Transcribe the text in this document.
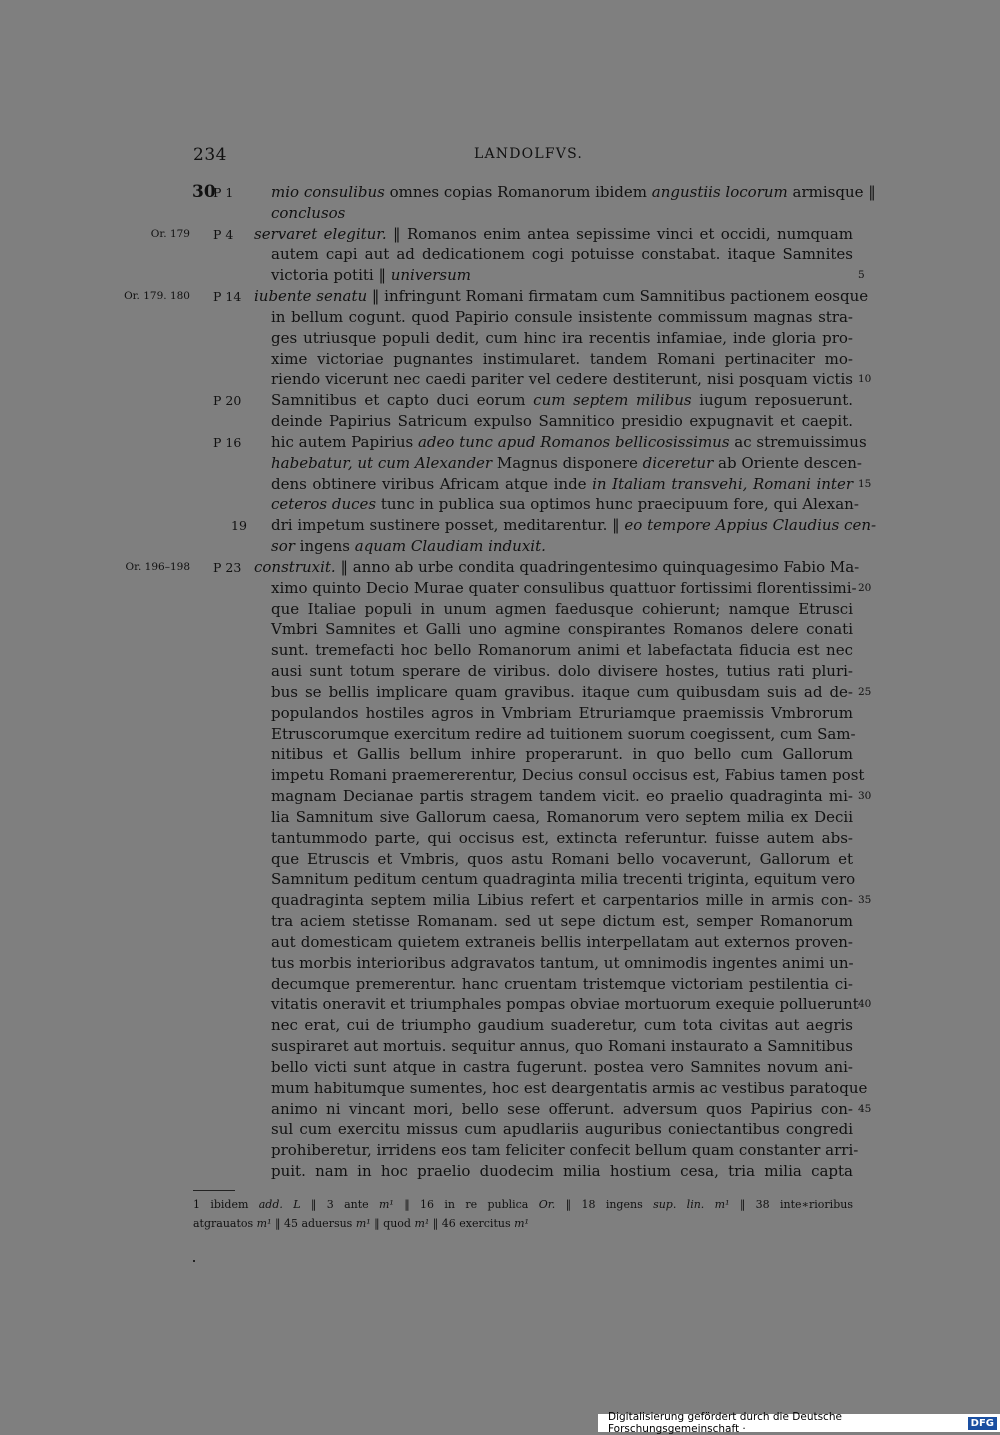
234	LANDOLFVS.
30	mio consulibus omnes copias Romanorum ibidem angustiis locorum armisque ‖
P 1
conclusos
servaret elegitur. ‖ Romanos enim antea sepissime vinci et occidi, numquam
P 4
Or. 179
autem capi aut ad dedicationem cogi potuisse constabat. itaque Samnites
victoria potiti ‖ universum	5
iubente senatu ‖ infringunt Romani firmatam cum Samnitibus pactionem eosque
P 14
Or. 179. 180
in bellum cogunt. quod Papirio consule insistente commissum magnas stra-
ges utriusque populi dedit, cum hinc ira recentis infamiae, inde gloria pro-
xime victoriae pugnantes instimularet. tandem Romani pertinaciter mo-
riendo vicerunt nec caedi pariter vel cedere destiterunt, nisi posquam victis 10
Samnitibus et capto duci eorum cum septem milibus iugum reposuerunt.
P 20
deinde Papirius Satricum expulso Samnitico presidio expugnavit et caepit.
hic autem Papirius adeo tunc apud Romanos bellicosissimus ac stremuissimus
P 16
habebatur, ut cum Alexander Magnus disponere diceretur ab Oriente descen-
dens obtinere viribus Africam atque inde in Italiam transvehi, Romani inter 15
ceteros duces tunc in publica sua optimos hunc praecipuum fore, qui Alexan-
dri impetum sustinere posset, meditarentur. ‖ eo tempore Appius Claudius cen-
19
sor ingens aquam Claudiam induxit.
construxit. ‖ anno ab urbe condita quadringentesimo quinquagesimo Fabio Ma-
P 23
Or. 196–198
ximo quinto Decio Murae quater consulibus quattuor fortissimi florentissimi- 20
que Italiae populi in unum agmen faedusque cohierunt; namque Etrusci
Vmbri Samnites et Galli uno agmine conspirantes Romanos delere conati
sunt. tremefacti hoc bello Romanorum animi et labefactata fiducia est nec
ausi sunt totum sperare de viribus. dolo divisere hostes, tutius rati pluri-
bus se bellis implicare quam gravibus. itaque cum quibusdam suis ad de- 25
populandos hostiles agros in Vmbriam Etruriamque praemissis Vmbrorum
Etruscorumque exercitum redire ad tuitionem suorum coegissent, cum Sam-
nitibus et Gallis bellum inhire properarunt. in quo bello cum Gallorum
impetu Romani praemererentur, Decius consul occisus est, Fabius tamen post
magnam Decianae partis stragem tandem vicit. eo praelio quadraginta mi- 30
lia Samnitum sive Gallorum caesa, Romanorum vero septem milia ex Decii
tantummodo parte, qui occisus est, extincta referuntur. fuisse autem abs-
que Etruscis et Vmbris, quos astu Romani bello vocaverunt, Gallorum et
Samnitum peditum centum quadraginta milia trecenti triginta, equitum vero
quadraginta septem milia Libius refert et carpentarios mille in armis con- 35
tra aciem stetisse Romanam. sed ut sepe dictum est, semper Romanorum
aut domesticam quietem extraneis bellis interpellatam aut externos proven-
tus morbis interioribus adgravatos tantum, ut omnimodis ingentes animi un-
decumque premerentur. hanc cruentam tristemque victoriam pestilentia ci-
vitatis oneravit et triumphales pompas obviae mortuorum exequie polluerunt 40
nec erat, cui de triumpho gaudium suaderetur, cum tota civitas aut aegris
suspiraret aut mortuis. sequitur annus, quo Romani instaurato a Samnitibus
bello victi sunt atque in castra fugerunt. postea vero Samnites novum ani-
mum habitumque sumentes, hoc est deargentatis armis ac vestibus paratoque
animo ni vincant mori, bello sese offerunt. adversum quos Papirius con- 45
sul cum exercitu missus cum apudlariis auguribus coniectantibus congredi
prohiberetur, irridens eos tam feliciter confecit bellum quam constanter arri-
puit. nam in hoc praelio duodecim milia hostium cesa, tria milia capta
1 ibidem add. L ‖ 3 ante m¹ ‖ 16 in re publica Or. ‖ 18 ingens sup. lin. m¹ ‖ 38 inte∗rioribus
atgrauatos m¹ ‖ 45 aduersus m¹ ‖ quod m¹ ‖ 46 exercitus m¹
Digitalisierung gefördert durch die Deutsche Forschungsgemeinschaft ·	DFG
